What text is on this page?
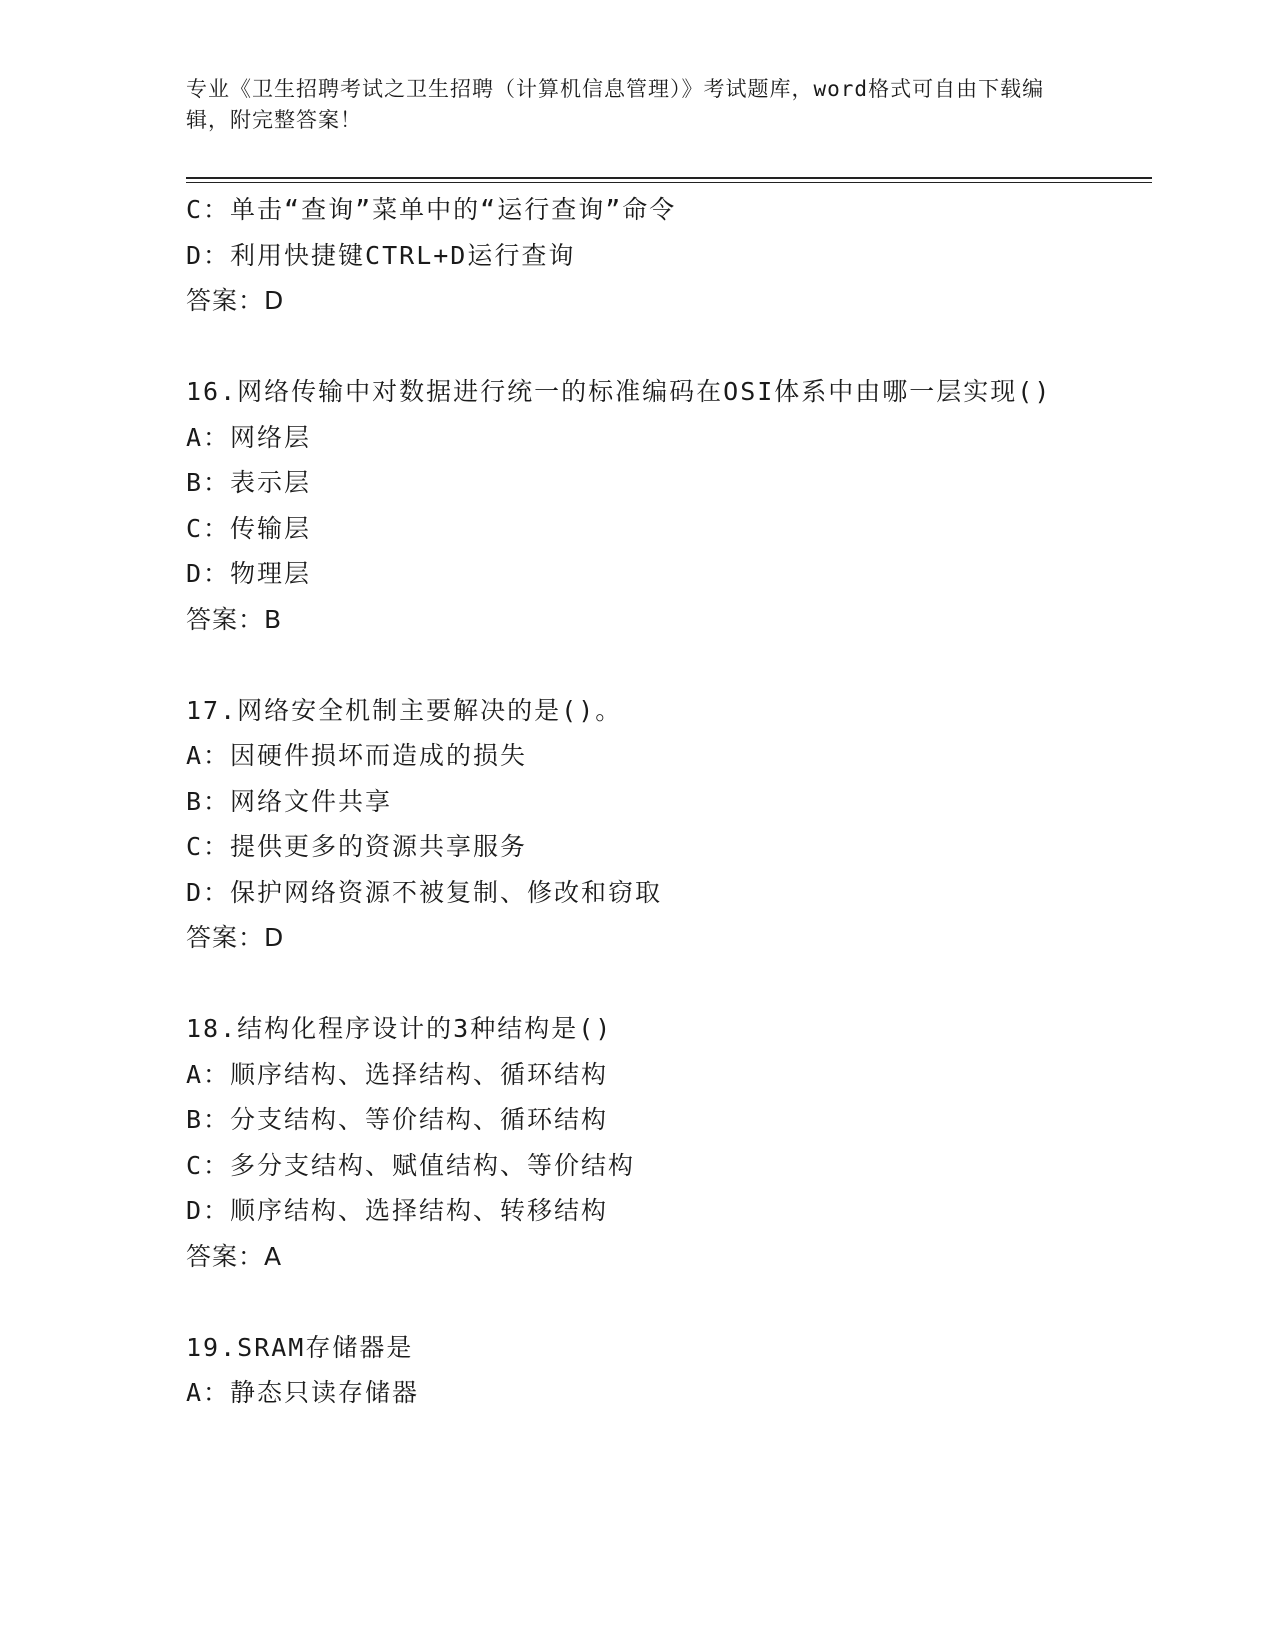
专业《卫生招聘考试之卫生招聘（计算机信息管理）》考试题库，word格式可自由下载编辑，附完整答案！
C：单击“查询”菜单中的“运行查询”命令
D：利用快捷键CTRL+D运行查询
答案：D
16.网络传输中对数据进行统一的标准编码在OSI体系中由哪一层实现()
A：网络层
B：表示层
C：传输层
D：物理层
答案：B
17.网络安全机制主要解决的是()。
A：因硬件损坏而造成的损失
B：网络文件共享
C：提供更多的资源共享服务
D：保护网络资源不被复制、修改和窃取
答案：D
18.结构化程序设计的3种结构是()
A：顺序结构、选择结构、循环结构
B：分支结构、等价结构、循环结构
C：多分支结构、赋值结构、等价结构
D：顺序结构、选择结构、转移结构
答案：A
19.SRAM存储器是
A：静态只读存储器
